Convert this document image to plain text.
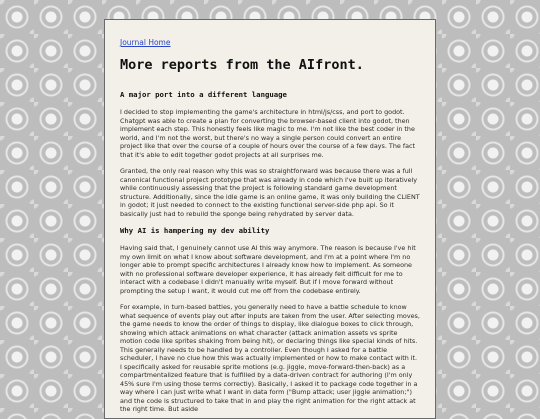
Journal Home
More reports from the AIfront.
A major port into a different language

I decided to stop implementing the game's architecture in html/js/css, and port to godot. Chatgpt was able to create a plan for converting the browser-based client into godot, then implement each step. This honestly feels like magic to me. I'm not like the best coder in the world, and I'm not the worst, but there's no way a single person could convert an entire project like that over the course of a couple of hours over the course of a few days. The fact that it's able to edit together godot projects at all surprises me.

Granted, the only real reason why this was so straightforward was because there was a full canonical functional project prototype that was already in code which I've built up iteratively while continuously assessing that the project is following standard game development structure. Additionally, since the idle game is an online game, it was only building the CLIENT in godot; it just needed to connect to the existing functional server-side php api. So it basically just had to rebuild the sponge being rehydrated by server data.

Why AI is hampering my dev ability

Having said that, I genuinely cannot use AI this way anymore. The reason is because I've hit my own limit on what I know about software development, and I'm at a point where I'm no longer able to prompt specific architectures I already know how to implement. As someone with no professional software developer experience, it has already felt difficult for me to interact with a codebase I didn't manually write myself. But if I move forward without prompting the setup I want, it would cut me off from the codebase entirely.

For example, in turn-based battles, you generally need to have a battle schedule to know what sequence of events play out after inputs are taken from the user. After selecting moves, the game needs to know the order of things to display, like dialogue boxes to click through, showing which attack animations on what character (attack animation assets vs sprite motion code like sprites shaking from being hit), or declaring things like special kinds of hits. This generally needs to be handled by a controller. Even though I asked for a battle scheduler, I have no clue how this was actually implemented or how to make contact with it. I specifically asked for reusable sprite motions (e.g. jiggle, move-forward-then-back) as a compartmentalized feature that is fulfilled by a data-driven contract for authoring (I'm only 45% sure I'm using those terms correctly). Basically, I asked it to package code together in a way where I can just write what I want in data form ("Bump attack; user jiggle animation;") and the code is structured to take that in and play the right animation for the right attack at the right time. But aside
